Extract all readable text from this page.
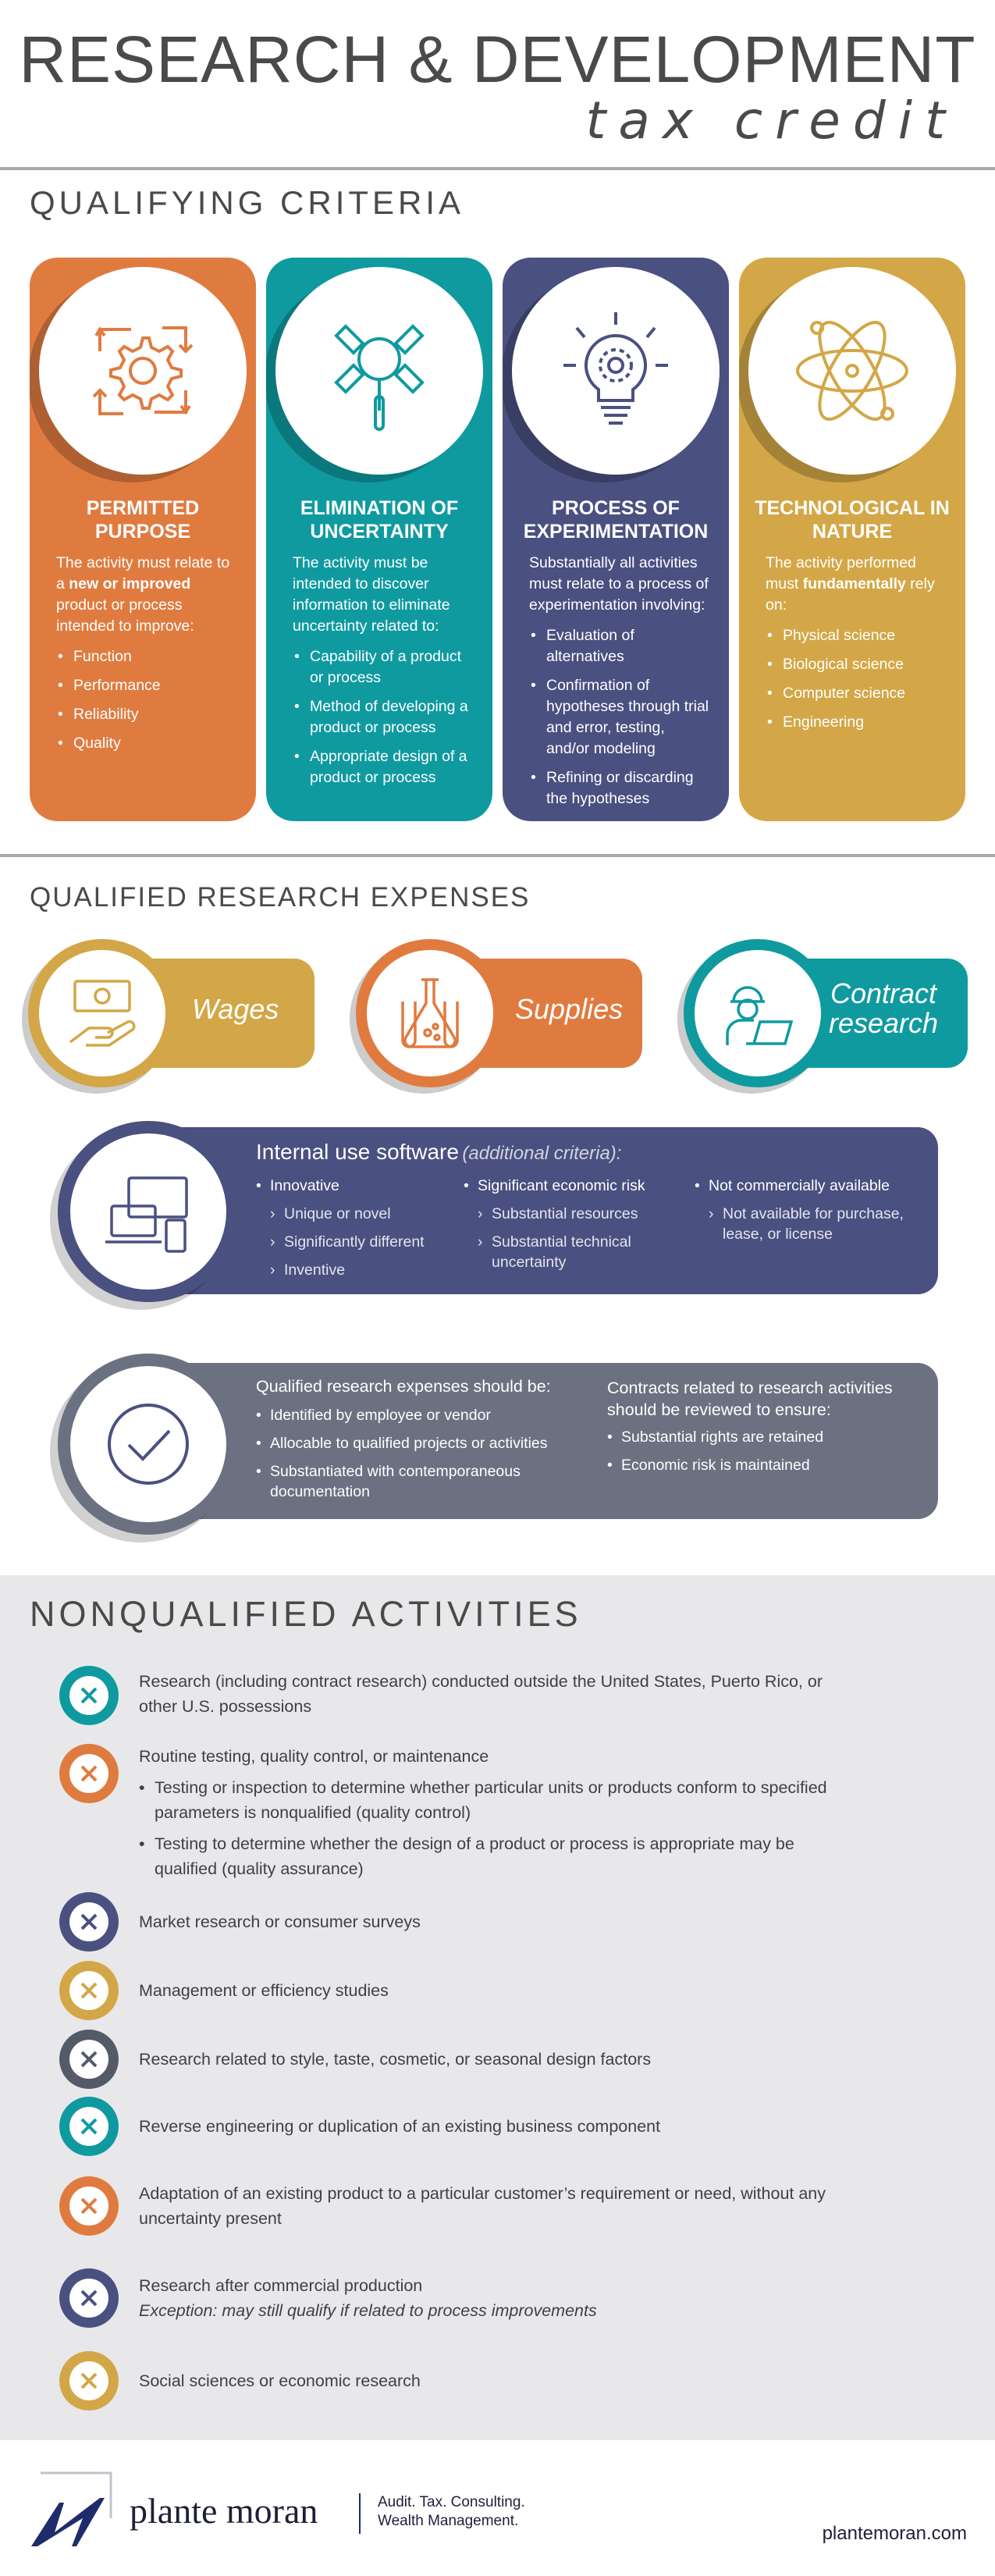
RESEARCH & DEVELOPMENT
tax credit
QUALIFYING CRITERIA
PERMITTED PURPOSE
The activity must relate to a new or improved product or process intended to improve:
• Function
• Performance
• Reliability
• Quality
ELIMINATION OF UNCERTAINTY
The activity must be intended to discover information to eliminate uncertainty related to:
• Capability of a product or process
• Method of developing a product or process
• Appropriate design of a product or process
PROCESS OF EXPERIMENTATION
Substantially all activities must relate to a process of experimentation involving:
• Evaluation of alternatives
• Confirmation of hypotheses through trial and error, testing, and/or modeling
• Refining or discarding the hypotheses
TECHNOLOGICAL IN NATURE
The activity performed must fundamentally rely on:
• Physical science
• Biological science
• Computer science
• Engineering
QUALIFIED RESEARCH EXPENSES
Wages	Supplies	Contract
research
Internal use software (additional criteria):
• Innovative
› Unique or novel
› Significantly different
› Inventive
• Significant economic risk
› Substantial resources
› Substantial technical uncertainty
• Not commercially available
› Not available for purchase, lease, or license
Qualified research expenses should be:
• Identified by employee or vendor
• Allocable to qualified projects or activities
• Substantiated with contemporaneous documentation
Contracts related to research activities should be reviewed to ensure:
• Substantial rights are retained
• Economic risk is maintained
NONQUALIFIED ACTIVITIES
Research (including contract research) conducted outside the United States, Puerto Rico, or other U.S. possessions
Routine testing, quality control, or maintenance
• Testing or inspection to determine whether particular units or products conform to specified parameters is nonqualified (quality control)
• Testing to determine whether the design of a product or process is appropriate may be qualified (quality assurance)
Market research or consumer surveys
Management or efficiency studies
Research related to style, taste, cosmetic, or seasonal design factors
Reverse engineering or duplication of an existing business component
Adaptation of an existing product to a particular customer’s requirement or need, without any uncertainty present
Research after commercial production
Exception: may still qualify if related to process improvements
Social sciences or economic research
plante moran	Audit. Tax. Consulting.
Wealth Management.
plantemoran.com
